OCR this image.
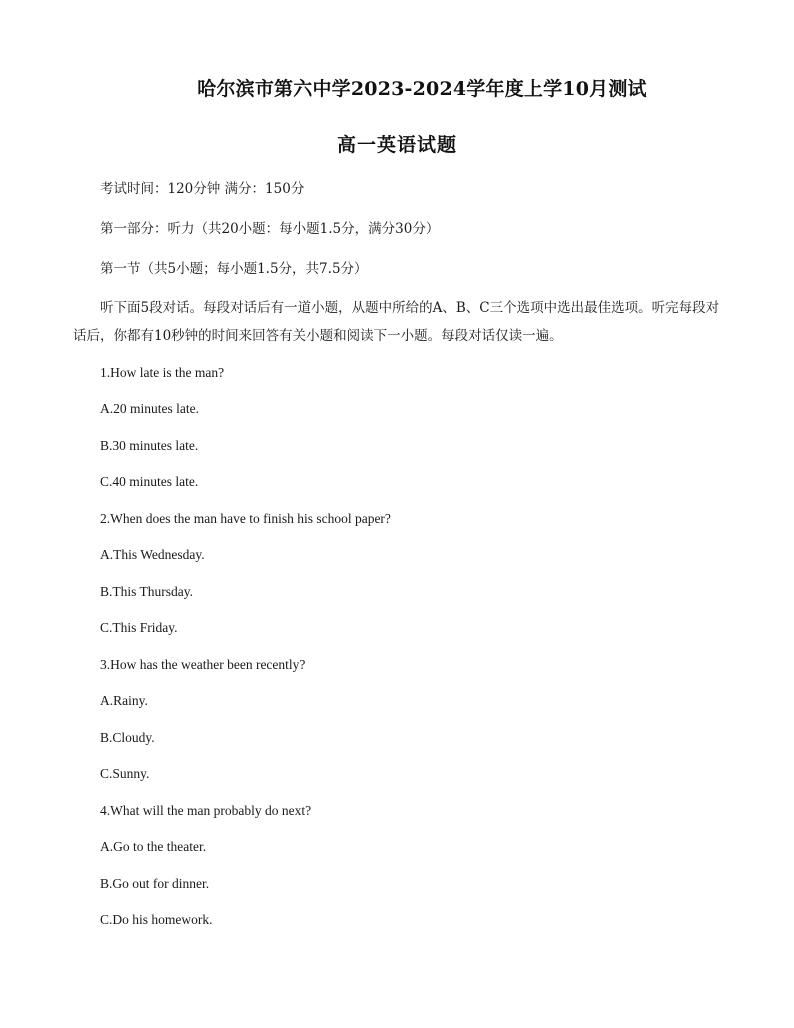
哈尔滨市第六中学2023-2024学年度上学10月测试
高一英语试题
考试时间：120分钟 满分：150分
第一部分：听力（共20小题：每小题1.5分，满分30分）
第一节（共5小题；每小题1.5分，共7.5分）
听下面5段对话。每段对话后有一道小题，从题中所给的A、B、C三个选项中选出最佳选项。听完每段对话后，你都有10秒钟的时间来回答有关小题和阅读下一小题。每段对话仅读一遍。
1.How late is the man?
A.20 minutes late.
B.30 minutes late.
C.40 minutes late.
2.When does the man have to finish his school paper?
A.This Wednesday.
B.This Thursday.
C.This Friday.
3.How has the weather been recently?
A.Rainy.
B.Cloudy.
C.Sunny.
4.What will the man probably do next?
A.Go to the theater.
B.Go out for dinner.
C.Do his homework.
